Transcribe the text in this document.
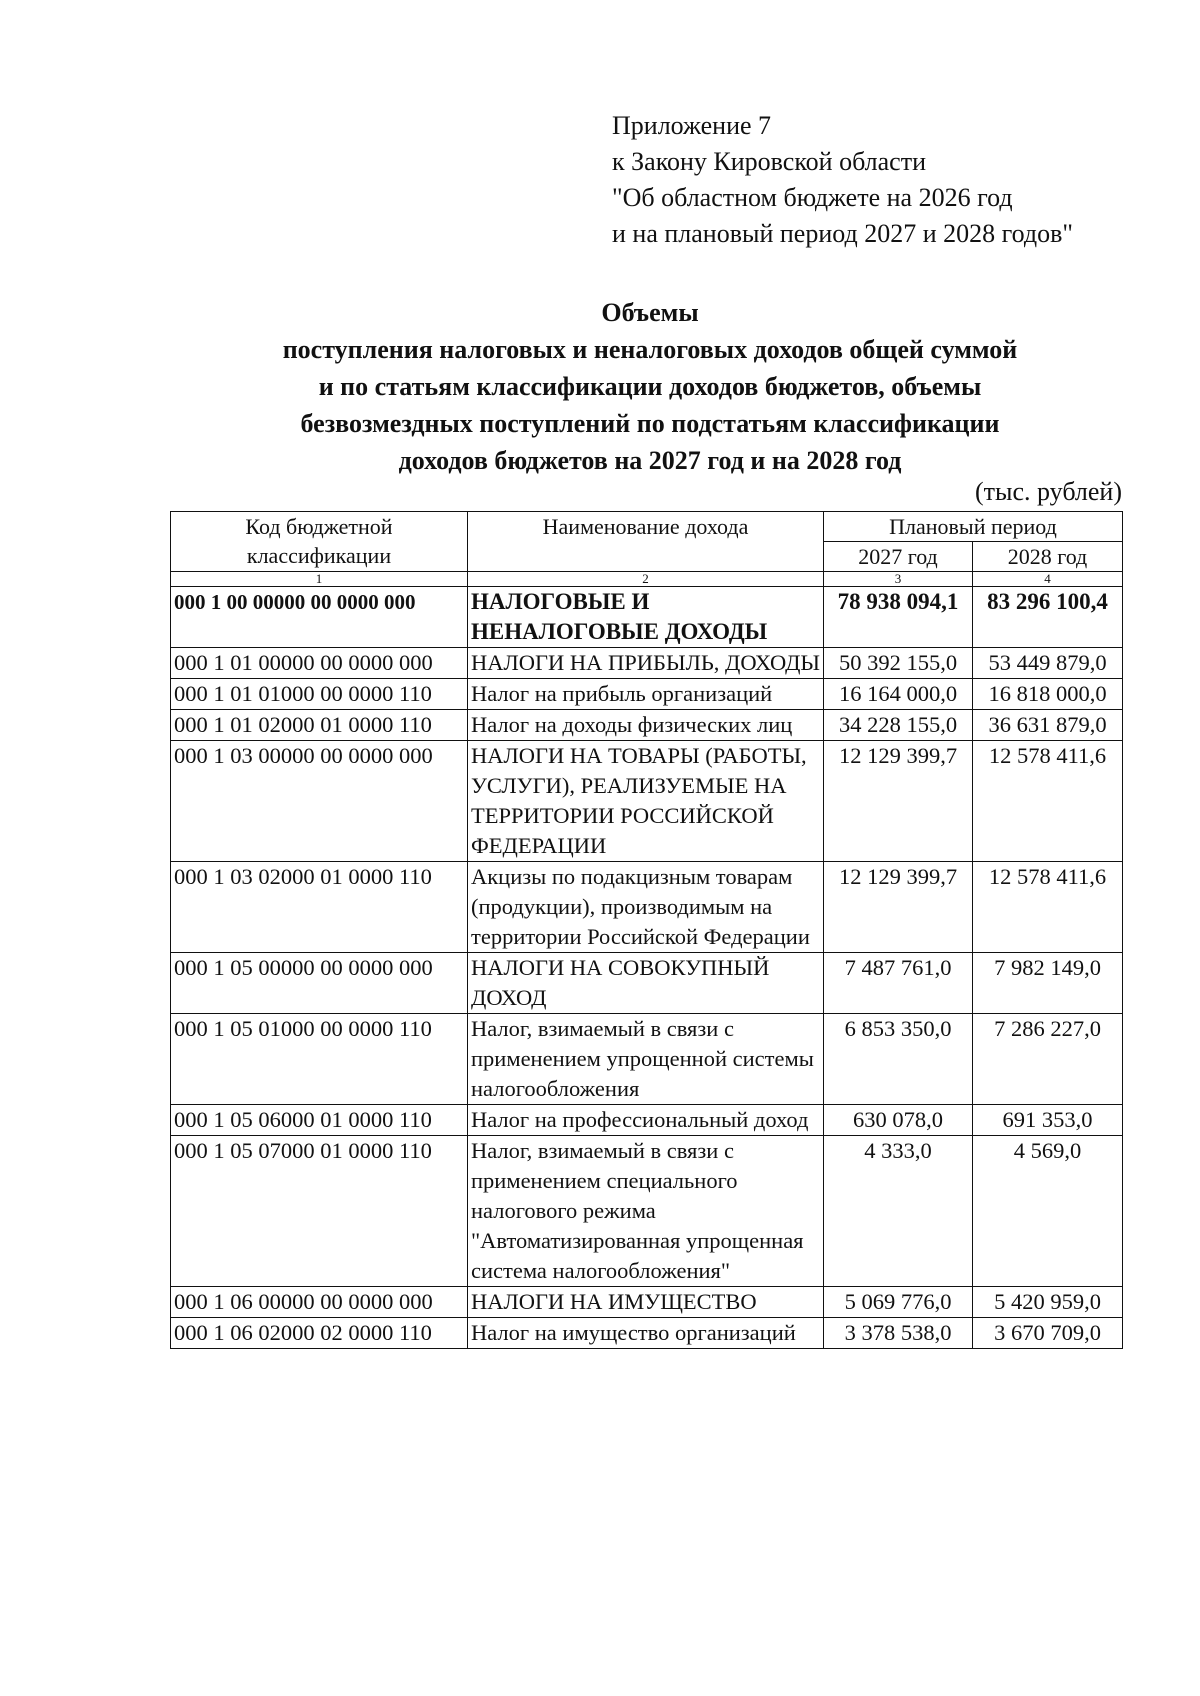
Приложение 7
к Закону Кировской области
"Об областном бюджете на 2026 год
и на плановый период 2027 и 2028 годов"
Объемы
поступления налоговых и неналоговых доходов общей суммой
и по статьям классификации доходов бюджетов, объемы
безвозмездных поступлений по подстатьям классификации
доходов бюджетов на 2027 год и на 2028 год
(тыс. рублей)
Код бюджетной классификации	Наименование дохода	Плановый период	
		2027 год	2028 год
1	2	3	4
000 1 00 00000 00 0000 000	НАЛОГОВЫЕ И НЕНАЛОГОВЫЕ ДОХОДЫ	78 938 094,1	83 296 100,4
000 1 01 00000 00 0000 000	НАЛОГИ НА ПРИБЫЛЬ, ДОХОДЫ	50 392 155,0	53 449 879,0
000 1 01 01000 00 0000 110	Налог на прибыль организаций	16 164 000,0	16 818 000,0
000 1 01 02000 01 0000 110	Налог на доходы физических лиц	34 228 155,0	36 631 879,0
000 1 03 00000 00 0000 000	НАЛОГИ НА ТОВАРЫ (РАБОТЫ, УСЛУГИ), РЕАЛИЗУЕМЫЕ НА ТЕРРИТОРИИ РОССИЙСКОЙ ФЕДЕРАЦИИ	12 129 399,7	12 578 411,6
000 1 03 02000 01 0000 110	Акцизы по подакцизным товарам (продукции), производимым на территории Российской Федерации	12 129 399,7	12 578 411,6
000 1 05 00000 00 0000 000	НАЛОГИ НА СОВОКУПНЫЙ ДОХОД	7 487 761,0	7 982 149,0
000 1 05 01000 00 0000 110	Налог, взимаемый в связи с применением упрощенной системы налогообложения	6 853 350,0	7 286 227,0
000 1 05 06000 01 0000 110	Налог на профессиональный доход	630 078,0	691 353,0
000 1 05 07000 01 0000 110	Налог, взимаемый в связи с применением специального налогового режима "Автоматизированная упрощенная система налогообложения"	4 333,0	4 569,0
000 1 06 00000 00 0000 000	НАЛОГИ НА ИМУЩЕСТВО	5 069 776,0	5 420 959,0
000 1 06 02000 02 0000 110	Налог на имущество организаций	3 378 538,0	3 670 709,0
